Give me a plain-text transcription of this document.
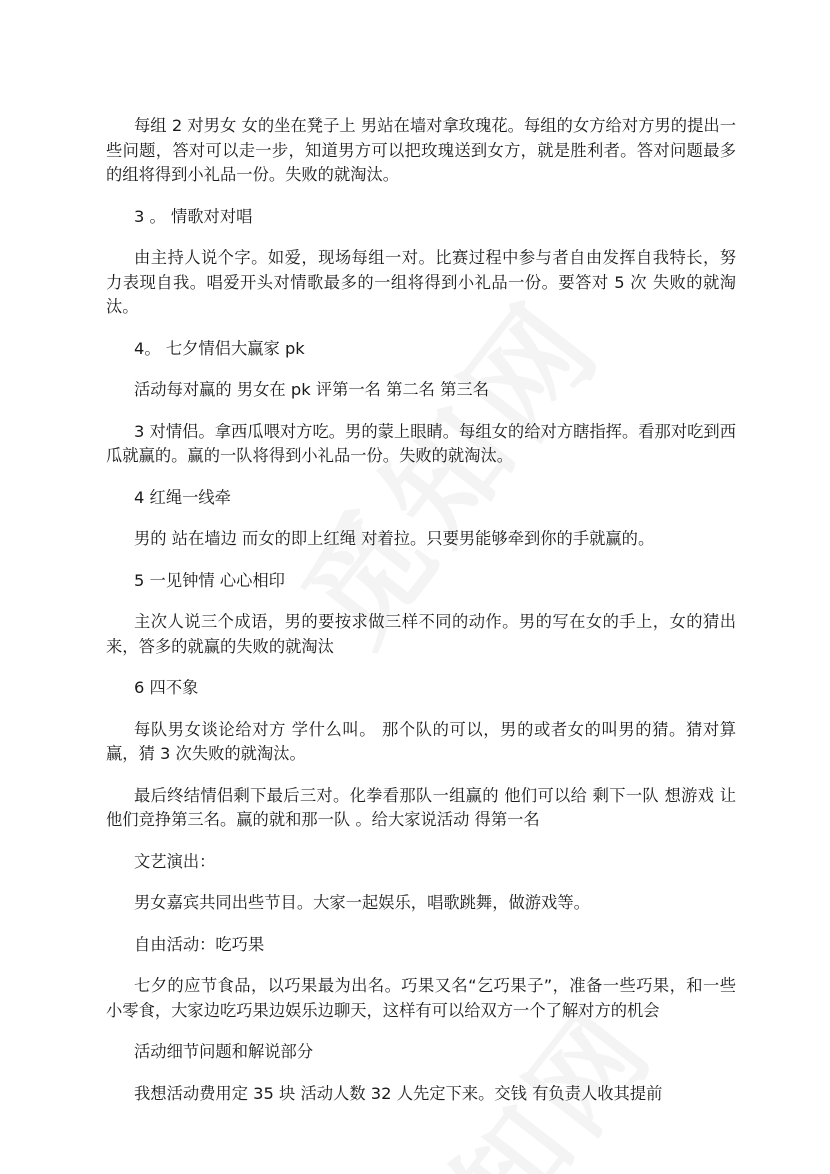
每组 2 对男女 女的坐在凳子上 男站在墙对拿玫瑰花。每组的女方给对方男的提出一些问题，答对可以走一步，知道男方可以把玫瑰送到女方，就是胜利者。答对问题最多的组将得到小礼品一份。失败的就淘汰。

3 。 情歌对对唱

由主持人说个字。如爱，现场每组一对。比赛过程中参与者自由发挥自我特长，努力表现自我。唱爱开头对情歌最多的一组将得到小礼品一份。要答对 5 次 失败的就淘汰。

4。 七夕情侣大赢家 pk

活动每对赢的 男女在 pk 评第一名 第二名 第三名

3 对情侣。拿西瓜喂对方吃。男的蒙上眼睛。每组女的给对方瞎指挥。看那对吃到西瓜就赢的。赢的一队将得到小礼品一份。失败的就淘汰。

4 红绳一线牵

男的 站在墙边 而女的即上红绳 对着拉。只要男能够牵到你的手就赢的。

5 一见钟情 心心相印

主次人说三个成语，男的要按求做三样不同的动作。男的写在女的手上，女的猜出来，答多的就赢的失败的就淘汰

6 四不象

每队男女谈论给对方 学什么叫。 那个队的可以，男的或者女的叫男的猜。猜对算赢，猜 3 次失败的就淘汰。

最后终结情侣剩下最后三对。化拳看那队一组赢的 他们可以给 剩下一队 想游戏 让他们竞挣第三名。赢的就和那一队 。给大家说活动 得第一名

文艺演出：

男女嘉宾共同出些节目。大家一起娱乐，唱歌跳舞，做游戏等。

自由活动：吃巧果

七夕的应节食品，以巧果最为出名。巧果又名“乞巧果子”，准备一些巧果，和一些小零食，大家边吃巧果边娱乐边聊天，这样有可以给双方一个了解对方的机会

活动细节问题和解说部分

我想活动费用定 35 块 活动人数 32 人先定下来。交钱 有负责人收其提前
